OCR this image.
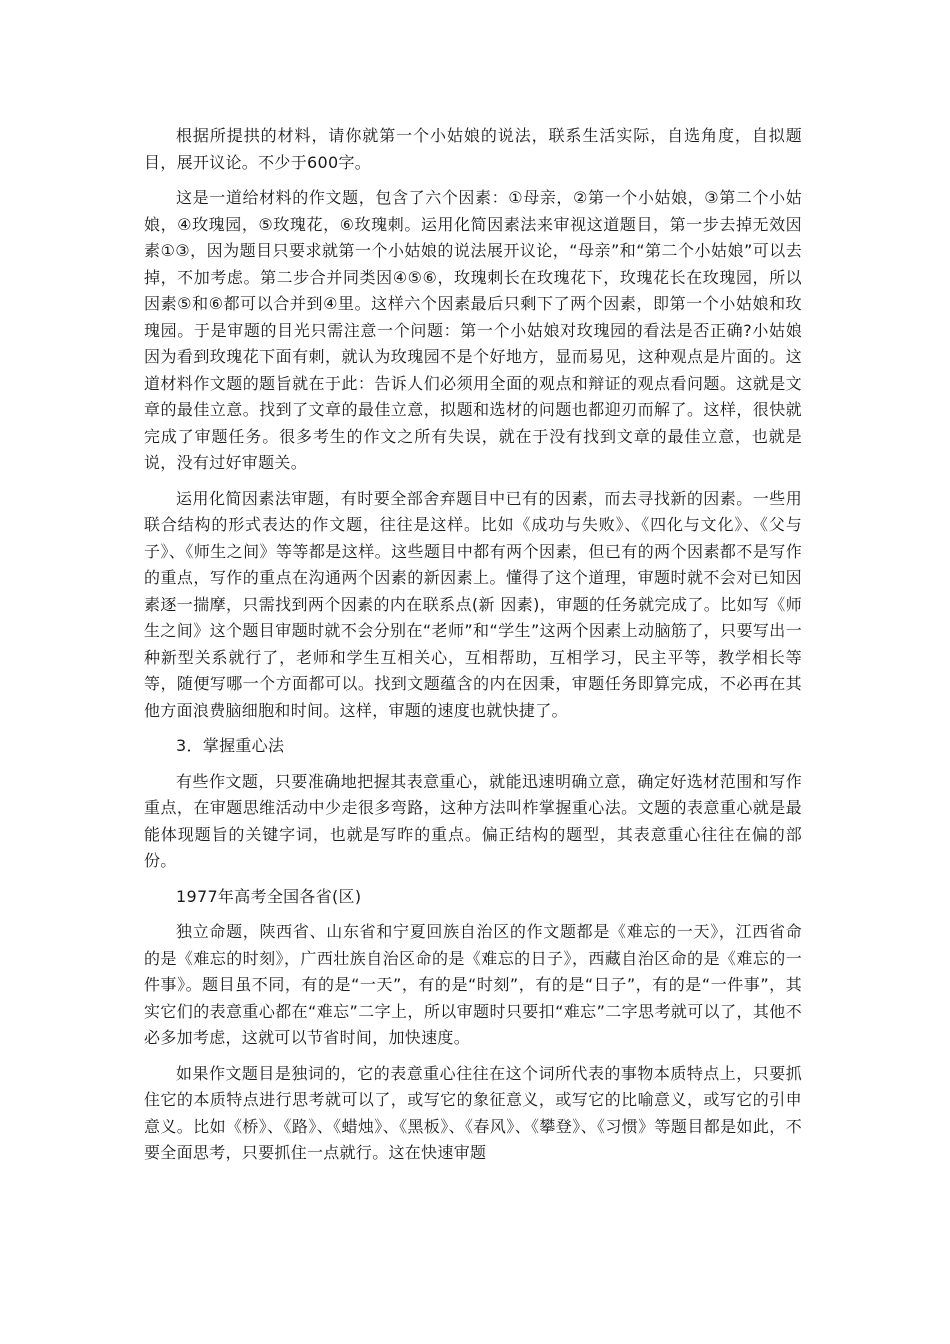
根据所提拱的材料，请你就第一个小姑娘的说法，联系生活实际，自选角度，自拟题目，展开议论。不少于600字。

这是一道给材料的作文题，包含了六个因素：①母亲，②第一个小姑娘，③第二个小姑娘，④玫瑰园，⑤玫瑰花，⑥玫瑰刺。运用化简因素法来审视这道题目，第一步去掉无效因素①③，因为题目只要求就第一个小姑娘的说法展开议论，“母亲”和“第二个小姑娘”可以去掉，不加考虑。第二步合并同类因④⑤⑥，玫瑰刺长在玫瑰花下，玫瑰花长在玫瑰园，所以因素⑤和⑥都可以合并到④里。这样六个因素最后只剩下了两个因素，即第一个小姑娘和玫瑰园。于是审题的目光只需注意一个问题：第一个小姑娘对玫瑰园的看法是否正确?小姑娘因为看到玫瑰花下面有刺，就认为玫瑰园不是个好地方，显而易见，这种观点是片面的。这道材料作文题的题旨就在于此：告诉人们必须用全面的观点和辩证的观点看问题。这就是文章的最佳立意。找到了文章的最佳立意，拟题和选材的问题也都迎刃而解了。这样，很快就完成了审题任务。很多考生的作文之所有失误，就在于没有找到文章的最佳立意，也就是说，没有过好审题关。

运用化简因素法审题，有时要全部舍弃题目中已有的因素，而去寻找新的因素。一些用联合结构的形式表达的作文题，往往是这样。比如《成功与失败》、《四化与文化》、《父与子》、《师生之间》等等都是这样。这些题目中都有两个因素，但已有的两个因素都不是写作的重点，写作的重点在沟通两个因素的新因素上。懂得了这个道理，审题时就不会对已知因素逐一揣摩，只需找到两个因素的内在联系点(新 因素)，审题的任务就完成了。比如写《师生之间》这个题目审题时就不会分别在“老师”和“学生”这两个因素上动脑筋了，只要写出一种新型关系就行了，老师和学生互相关心，互相帮助，互相学习，民主平等，教学相长等等，随便写哪一个方面都可以。找到文题蕴含的内在因秉，审题任务即算完成，不必再在其他方面浪费脑细胞和时间。这样，审题的速度也就快捷了。

3．掌握重心法

有些作文题，只要准确地把握其表意重心，就能迅速明确立意，确定好选材范围和写作重点，在审题思维活动中少走很多弯路，这种方法叫柞掌握重心法。文题的表意重心就是最能体现题旨的关键字词，也就是写昨的重点。偏正结构的题型，其表意重心往往在偏的部份。

1977年高考全国各省(区)

独立命题，陕西省、山东省和宁夏回族自治区的作文题都是《难忘的一天》，江西省命的是《难忘的时刻》，广西壮族自治区命的是《难忘的日子》，西藏自治区命的是《难忘的一件事》。题目虽不同，有的是“一天”，有的是“时刻”，有的是“日子”，有的是“一件事”，其实它们的表意重心都在“难忘”二字上，所以审题时只要扣“难忘”二字思考就可以了，其他不必多加考虑，这就可以节省时间，加快速度。

如果作文题目是独词的，它的表意重心往往在这个词所代表的事物本质特点上，只要抓住它的本质特点进行思考就可以了，或写它的象征意义，或写它的比喻意义，或写它的引申意义。比如《桥》、《路》、《蜡烛》、《黑板》、《春风》、《攀登》、《习惯》等题目都是如此，不要全面思考，只要抓住一点就行。这在快速审题
